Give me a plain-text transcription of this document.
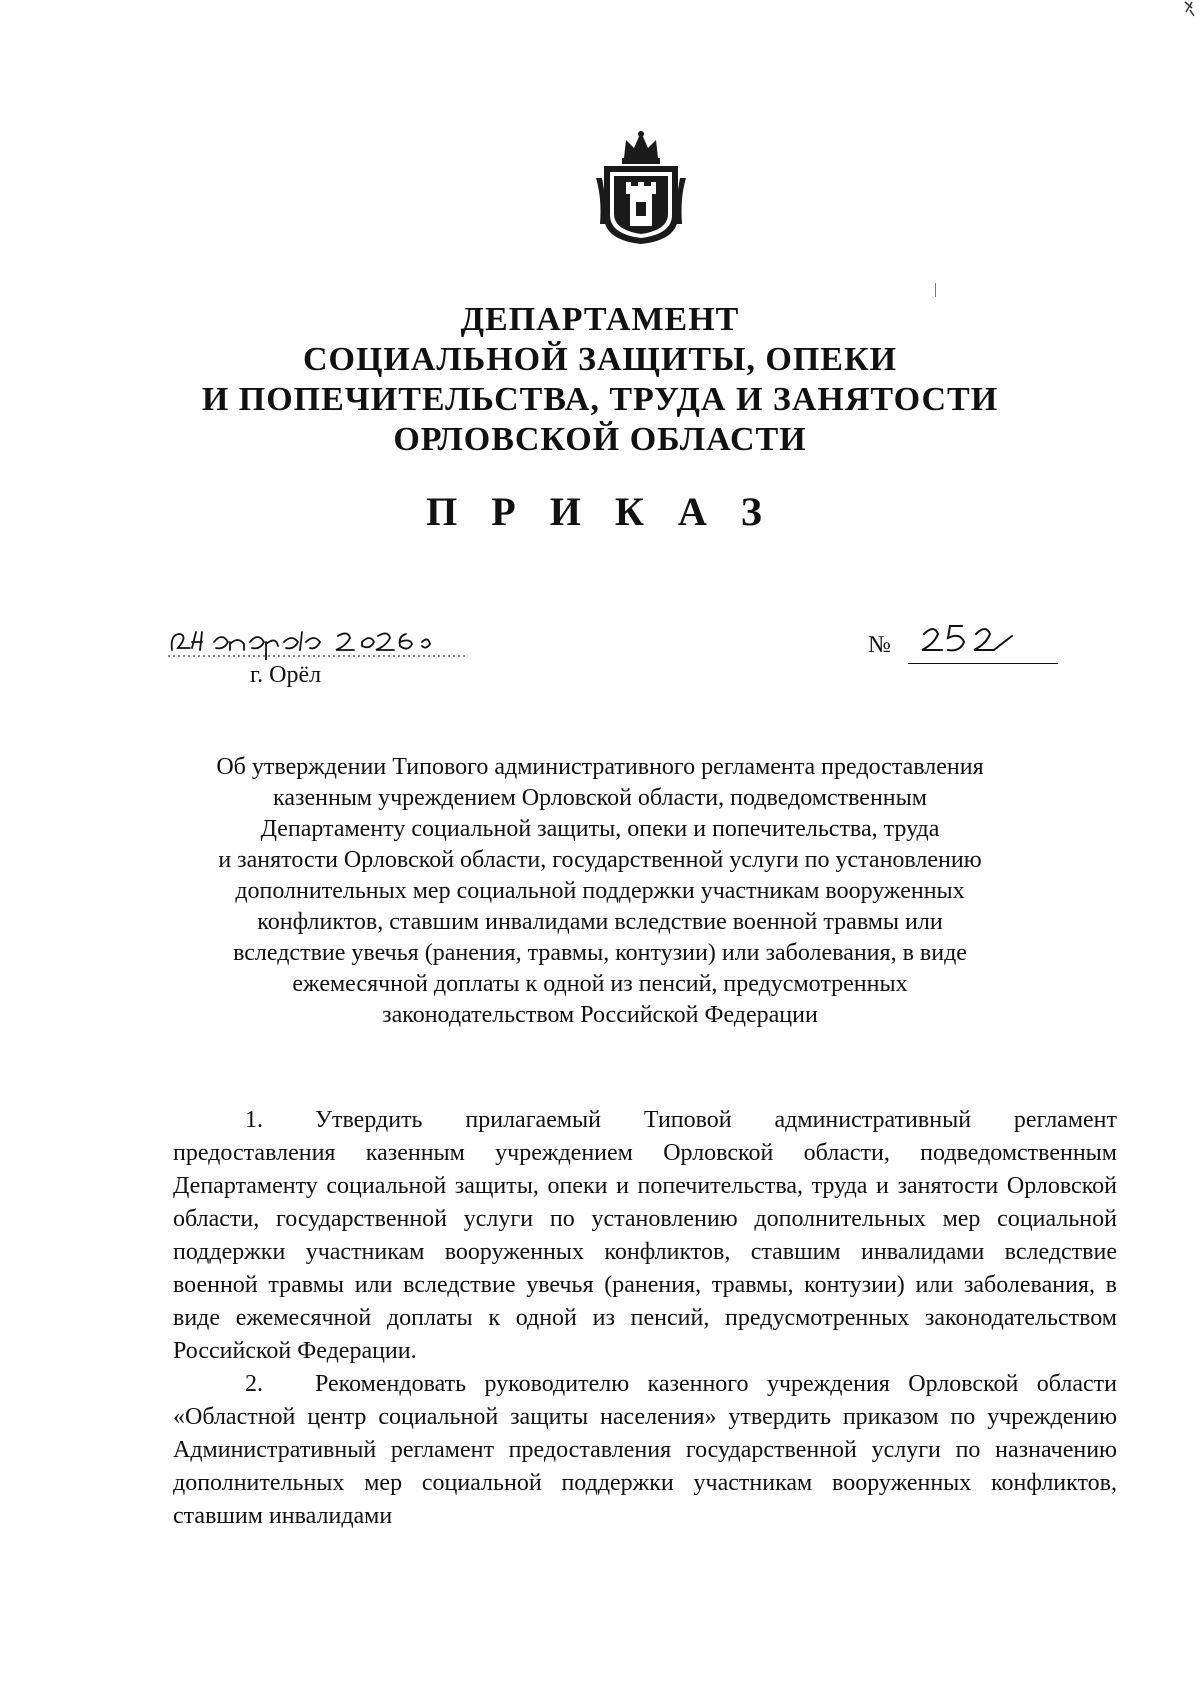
ДЕПАРТАМЕНТ
СОЦИАЛЬНОЙ ЗАЩИТЫ, ОПЕКИ
И ПОПЕЧИТЕЛЬСТВА, ТРУДА И ЗАНЯТОСТИ
ОРЛОВСКОЙ ОБЛАСТИ
П Р И К А З
г. Орёл
№
Об утверждении Типового административного регламента предоставления
казенным учреждением Орловской области, подведомственным
Департаменту социальной защиты, опеки и попечительства, труда
и занятости Орловской области, государственной услуги по установлению
дополнительных мер социальной поддержки участникам вооруженных
конфликтов, ставшим инвалидами вследствие военной травмы или
вследствие увечья (ранения, травмы, контузии) или заболевания, в виде
ежемесячной доплаты к одной из пенсий, предусмотренных
законодательством Российской Федерации

1. Утвердить прилагаемый Типовой административный регламент предоставления казенным учреждением Орловской области, подведомственным Департаменту социальной защиты, опеки и попечительства, труда и занятости Орловской области, государственной услуги по установлению дополнительных мер социальной поддержки участникам вооруженных конфликтов, ставшим инвалидами вследствие военной травмы или вследствие увечья (ранения, травмы, контузии) или заболевания, в виде ежемесячной доплаты к одной из пенсий, предусмотренных законодательством Российской Федерации.

2. Рекомендовать руководителю казенного учреждения Орловской области «Областной центр социальной защиты населения» утвердить приказом по учреждению Административный регламент предоставления государственной услуги по назначению дополнительных мер социальной поддержки участникам вооруженных конфликтов, ставшим инвалидами
